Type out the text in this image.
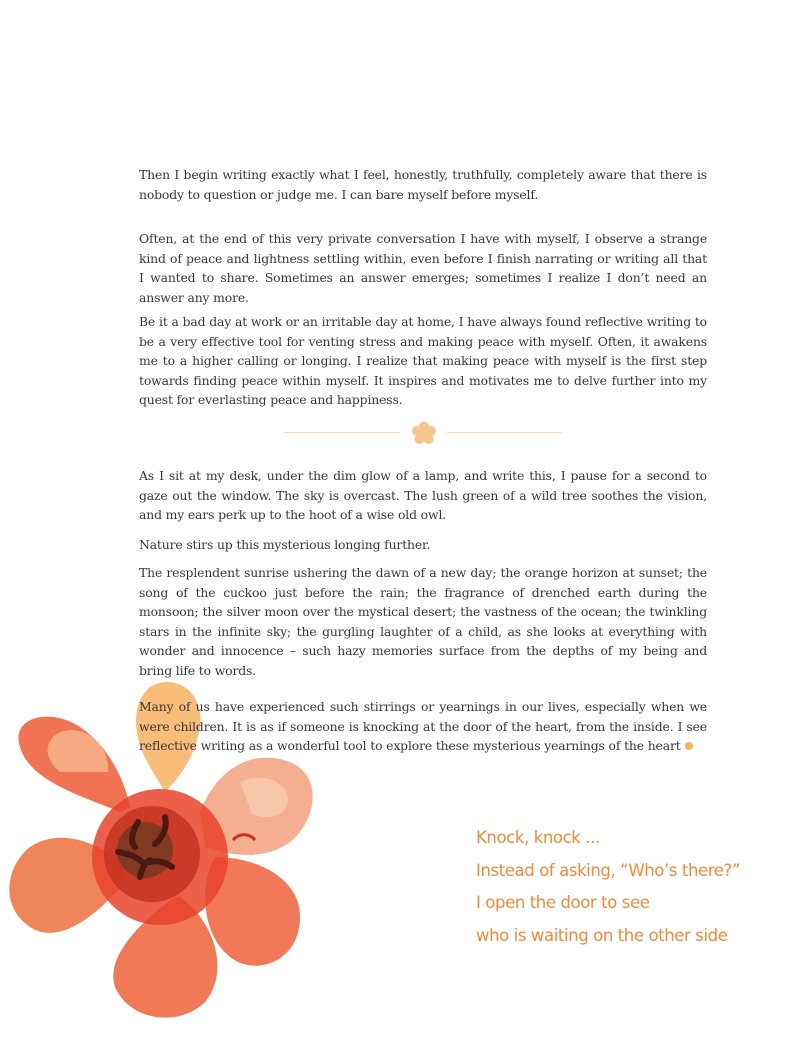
Then I begin writing exactly what I feel, honestly, truthfully, completely aware that there is nobody to question or judge me. I can bare myself before myself.

Often, at the end of this very private conversation I have with myself, I observe a strange kind of peace and lightness settling within, even before I finish narrating or writing all that I wanted to share. Sometimes an answer emerges; sometimes I realize I don’t need an answer any more.

Be it a bad day at work or an irritable day at home, I have always found reflective writing to be a very effective tool for venting stress and making peace with myself. Often, it awakens me to a higher calling or longing. I realize that making peace with myself is the first step towards finding peace within myself. It inspires and motivates me to delve further into my quest for everlasting peace and happiness.

As I sit at my desk, under the dim glow of a lamp, and write this, I pause for a second to gaze out the window. The sky is overcast. The lush green of a wild tree soothes the vision, and my ears perk up to the hoot of a wise old owl.

Nature stirs up this mysterious longing further.

The resplendent sunrise ushering the dawn of a new day; the orange horizon at sunset; the song of the cuckoo just before the rain; the fragrance of drenched earth during the monsoon; the silver moon over the mystical desert; the vastness of the ocean; the twinkling stars in the infinite sky; the gurgling laughter of a child, as she looks at everything with wonder and innocence – such hazy memories surface from the depths of my being and bring life to words.

Many of us have experienced such stirrings or yearnings in our lives, especially when we were children. It is as if someone is knocking at the door of the heart, from the inside. I see reflective writing as a wonderful tool to explore these mysterious yearnings of the heart

Knock, knock ...
Instead of asking, “Who’s there?”
I open the door to see
who is waiting on the other side
